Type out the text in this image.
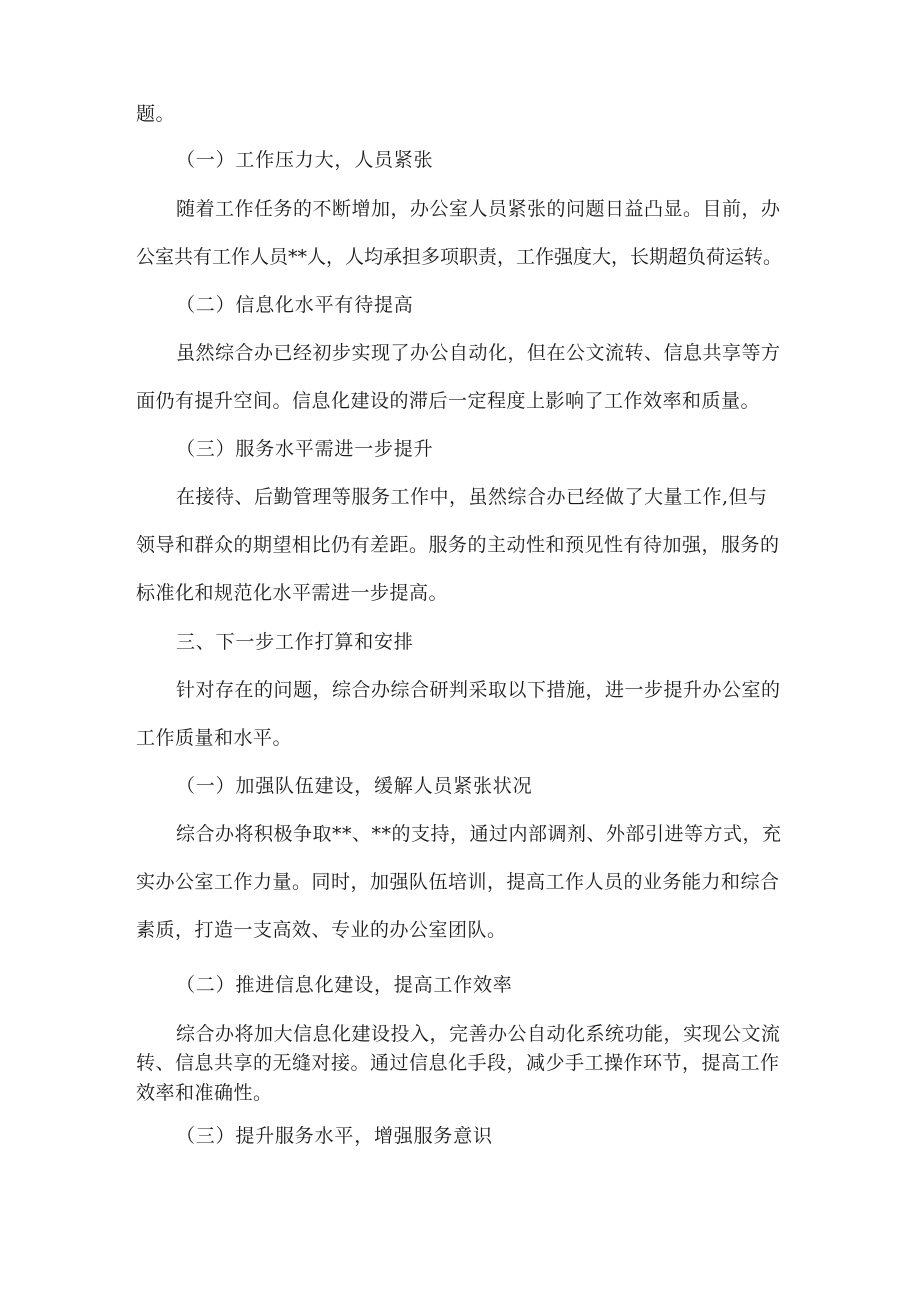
题。
（一）工作压力大，人员紧张
随着工作任务的不断增加，办公室人员紧张的问题日益凸显。目前，办
公室共有工作人员**人，人均承担多项职责，工作强度大，长期超负荷运转。
（二）信息化水平有待提高
虽然综合办已经初步实现了办公自动化，但在公文流转、信息共享等方
面仍有提升空间。信息化建设的滞后一定程度上影响了工作效率和质量。
（三）服务水平需进一步提升
在接待、后勤管理等服务工作中，虽然综合办已经做了大量工作,但与
领导和群众的期望相比仍有差距。服务的主动性和预见性有待加强，服务的
标准化和规范化水平需进一步提高。
三、下一步工作打算和安排
针对存在的问题，综合办综合研判采取以下措施，进一步提升办公室的
工作质量和水平。
（一）加强队伍建设，缓解人员紧张状况
综合办将积极争取**、**的支持，通过内部调剂、外部引进等方式，充
实办公室工作力量。同时，加强队伍培训，提高工作人员的业务能力和综合
素质，打造一支高效、专业的办公室团队。
（二）推进信息化建设，提高工作效率
综合办将加大信息化建设投入，完善办公自动化系统功能，实现公文流
转、信息共享的无缝对接。通过信息化手段，减少手工操作环节，提高工作
效率和准确性。
（三）提升服务水平，增强服务意识
